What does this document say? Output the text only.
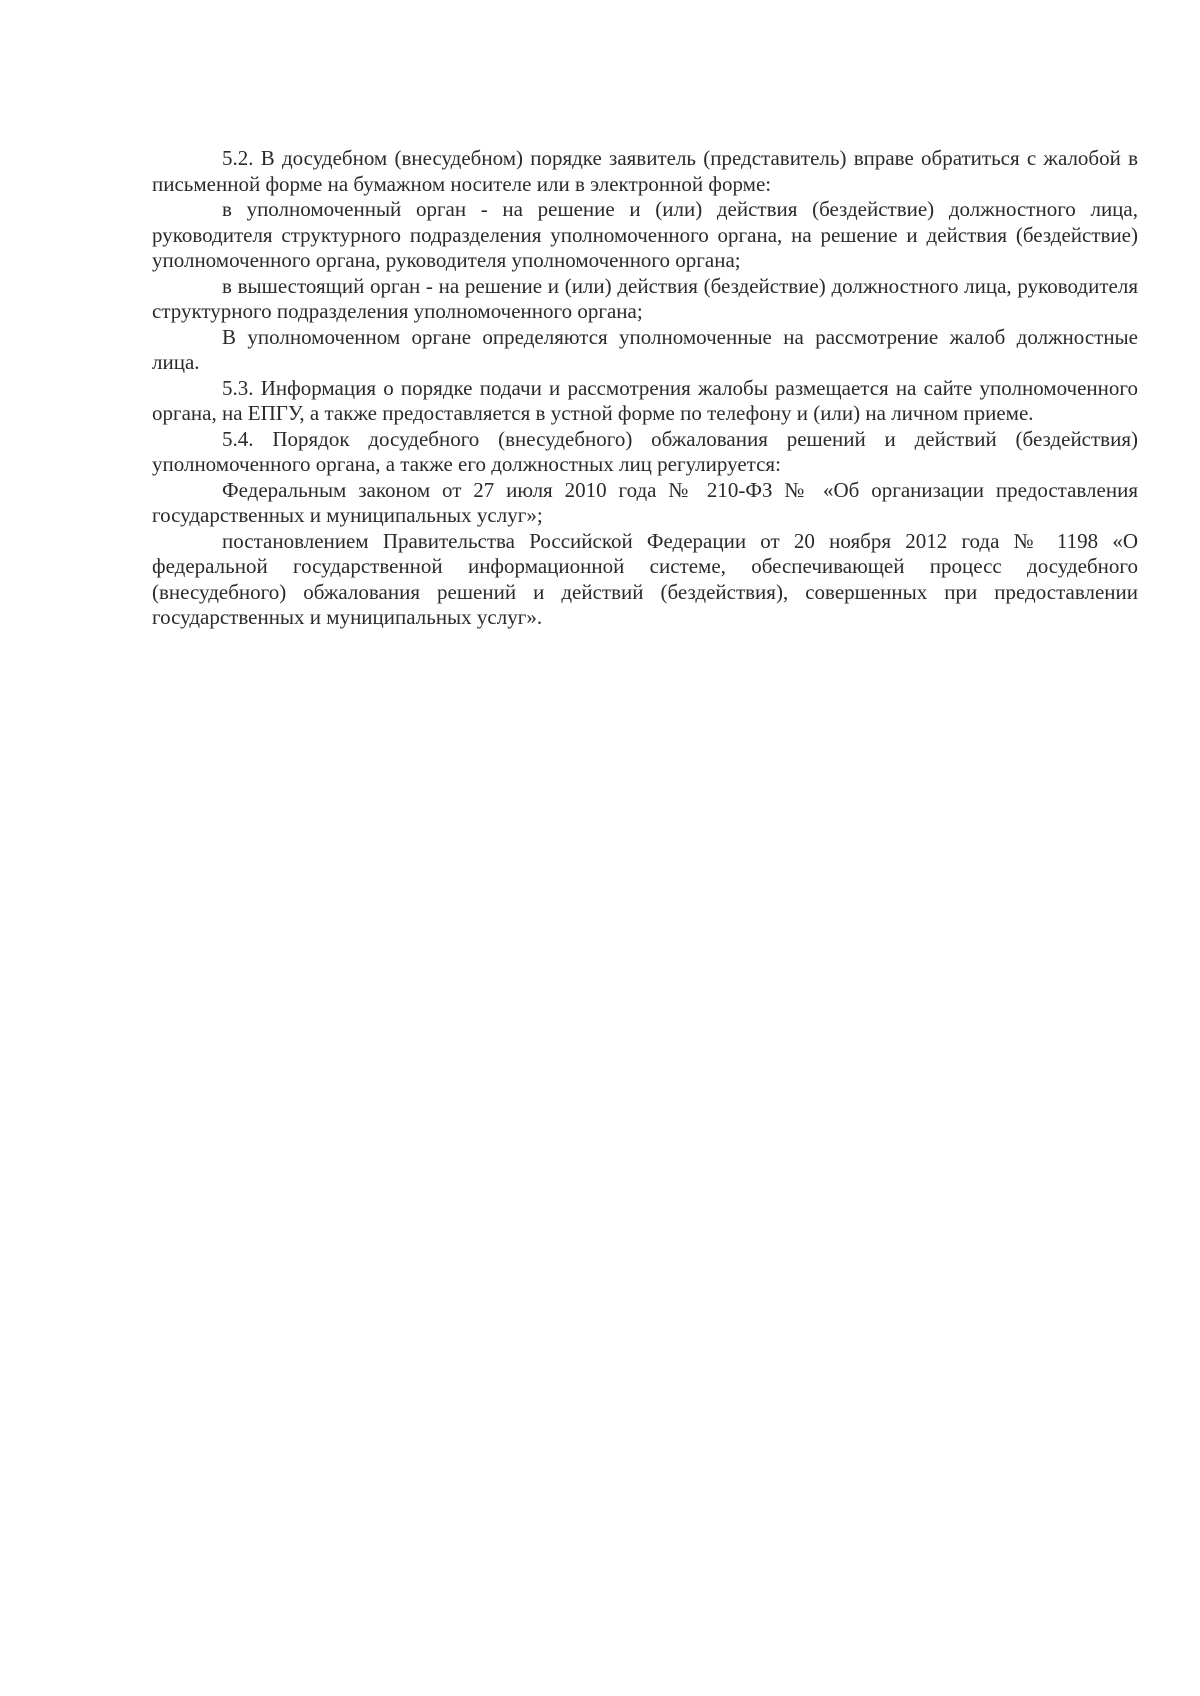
5.2. В досудебном (внесудебном) порядке заявитель (представитель) вправе обратиться с жалобой в письменной форме на бумажном носителе или в электронной форме:

в уполномоченный орган - на решение и (или) действия (бездействие) должностного лица, руководителя структурного подразделения уполномоченного органа, на решение и действия (бездействие) уполномоченного органа, руководителя уполномоченного органа;

в вышестоящий орган - на решение и (или) действия (бездействие) должностного лица, руководителя структурного подразделения уполномоченного органа;

В уполномоченном органе определяются уполномоченные на рассмотрение жалоб должностные лица.

5.3. Информация о порядке подачи и рассмотрения жалобы размещается на сайте уполномоченного органа, на ЕПГУ, а также предоставляется в устной форме по телефону и (или) на личном приеме.

5.4. Порядок досудебного (внесудебного) обжалования решений и действий (бездействия) уполномоченного органа, а также его должностных лиц регулируется:

Федеральным законом от 27 июля 2010 года № 210-ФЗ № «Об организации предоставления государственных и муниципальных услуг»;

постановлением Правительства Российской Федерации от 20 ноября 2012 года № 1198 «О федеральной государственной информационной системе, обеспечивающей процесс досудебного (внесудебного) обжалования решений и действий (бездействия), совершенных при предоставлении государственных и муниципальных услуг».
